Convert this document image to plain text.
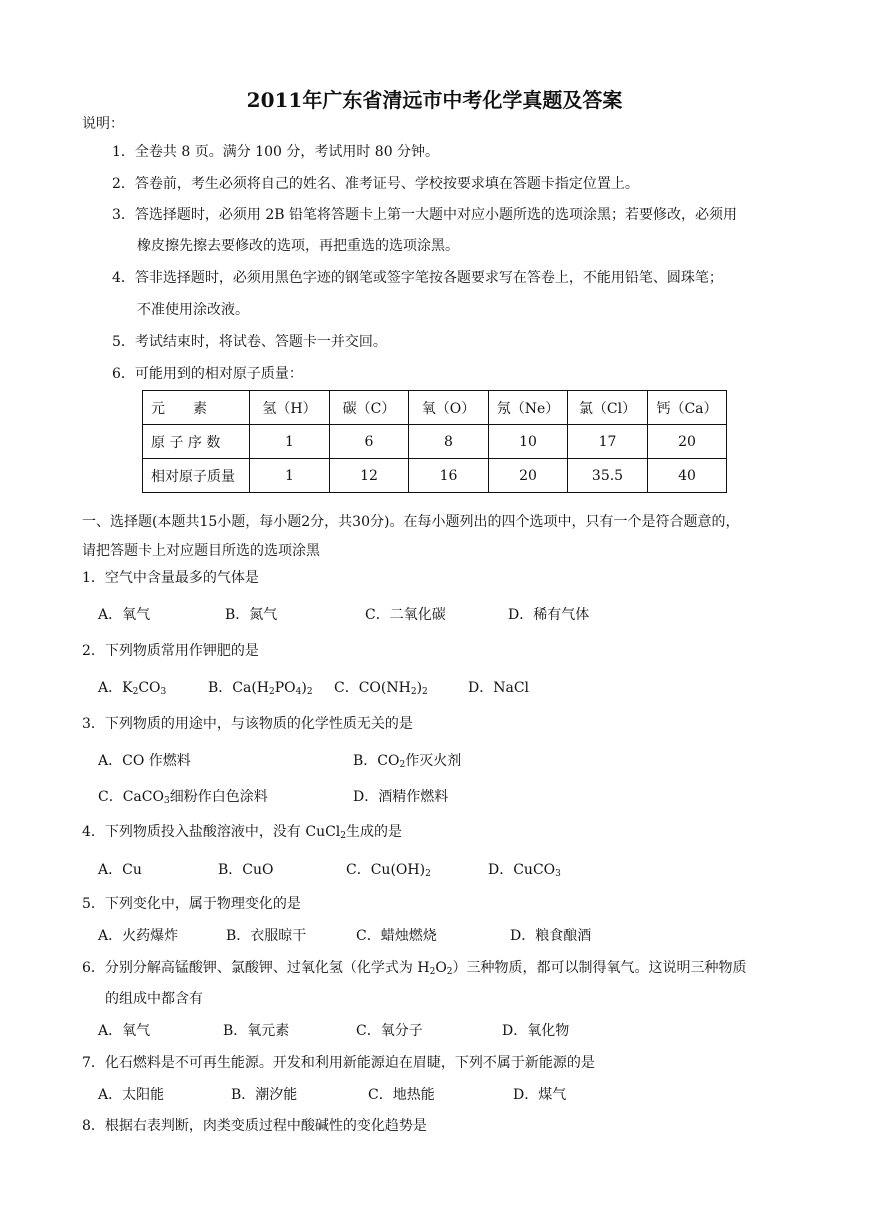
2011年广东省清远市中考化学真题及答案
说明：
1．全卷共 8 页。满分 100 分，考试用时 80 分钟。
2．答卷前，考生必须将自己的姓名、准考证号、学校按要求填在答题卡指定位置上。
3．答选择题时，必须用 2B 铅笔将答题卡上第一大题中对应小题所选的选项涂黑；若要修改，必须用
橡皮擦先擦去要修改的选项，再把重选的选项涂黑。
4．答非选择题时，必须用黑色字迹的钢笔或签字笔按各题要求写在答卷上，不能用铅笔、圆珠笔；
不准使用涂改液。
5．考试结束时，将试卷、答题卡一并交回。
6．可能用到的相对原子质量：
元　　素	氢（H）	碳（C）	氧（O）	氖（Ne）	氯（Cl）	钙（Ca）
原 子 序 数	1	6	8	10	17	20
相对原子质量	1	12	16	20	35.5	40
一、选择题(本题共15小题，每小题2分，共30分)。在每小题列出的四个选项中，只有一个是符合题意的，
请把答题卡上对应题目所选的选项涂黑
1．空气中含量最多的气体是
A．氧气	B．氮气	C．二氧化碳	D．稀有气体
2．下列物质常用作钾肥的是
A．$K_2CO_3$	B．$Ca(H_2PO_4)_2$ C．$CO(NH_2)_2$	D．NaCl
3．下列物质的用途中，与该物质的化学性质无关的是
A．CO 作燃料	B．$CO_2$作灭火剂
C．CaCO$_3$细粉作白色涂料	D．酒精作燃料
4．下列物质投入盐酸溶液中，没有 CuCl$_2$生成的是
A．Cu	B．CuO	C．$Cu(OH)_2$	D．CuCO$_3$
5．下列变化中，属于物理变化的是
A．火药爆炸	B．衣服晾干	C．蜡烛燃烧	D．粮食酿酒
6．分别分解高锰酸钾、氯酸钾、过氧化氢（化学式为 $H_2O_2$）三种物质，都可以制得氧气。这说明三种物质
的组成中都含有
A．氧气	B．氧元素	C．氧分子	D．氧化物
7．化石燃料是不可再生能源。开发和利用新能源迫在眉睫，下列不属于新能源的是
A．太阳能	B．潮汐能	C．地热能	D．煤气
8．根据右表判断，肉类变质过程中酸碱性的变化趋势是
